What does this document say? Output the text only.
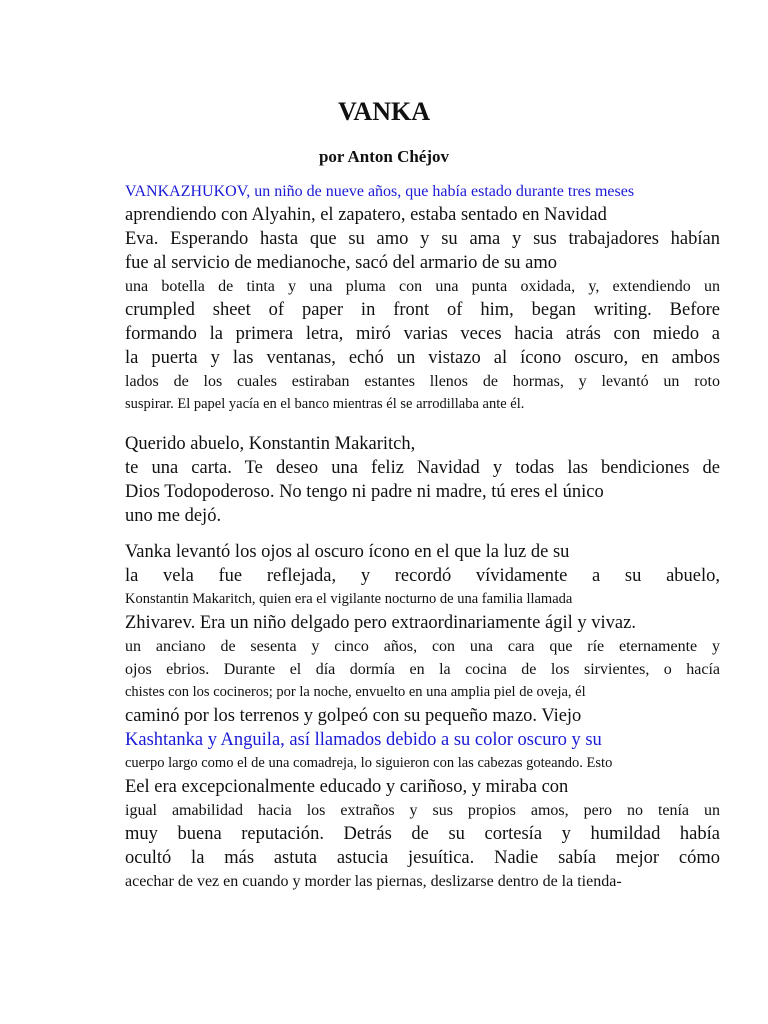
VANKA
por Anton Chéjov
VANKAZHUKOV, un niño de nueve años, que había estado durante tres meses
aprendiendo con Alyahin, el zapatero, estaba sentado en Navidad
Eva. Esperando hasta que su amo y su ama y sus trabajadores habían
fue al servicio de medianoche, sacó del armario de su amo
una botella de tinta y una pluma con una punta oxidada, y, extendiendo un
crumpled sheet of paper in front of him, began writing. Before
formando la primera letra, miró varias veces hacia atrás con miedo a
la puerta y las ventanas, echó un vistazo al ícono oscuro, en ambos
lados de los cuales estiraban estantes llenos de hormas, y levantó un roto
suspirar. El papel yacía en el banco mientras él se arrodillaba ante él.
Querido abuelo, Konstantin Makaritch,
te una carta. Te deseo una feliz Navidad y todas las bendiciones de
Dios Todopoderoso. No tengo ni padre ni madre, tú eres el único
uno me dejó.
Vanka levantó los ojos al oscuro ícono en el que la luz de su
la vela fue reflejada, y recordó vívidamente a su abuelo,
Konstantin Makaritch, quien era el vigilante nocturno de una familia llamada
Zhivarev. Era un niño delgado pero extraordinariamente ágil y vivaz.
un anciano de sesenta y cinco años, con una cara que ríe eternamente y
ojos ebrios. Durante el día dormía en la cocina de los sirvientes, o hacía
chistes con los cocineros; por la noche, envuelto en una amplia piel de oveja, él
caminó por los terrenos y golpeó con su pequeño mazo. Viejo
Kashtanka y Anguila, así llamados debido a su color oscuro y su
cuerpo largo como el de una comadreja, lo siguieron con las cabezas goteando. Esto
Eel era excepcionalmente educado y cariñoso, y miraba con
igual amabilidad hacia los extraños y sus propios amos, pero no tenía un
muy buena reputación. Detrás de su cortesía y humildad había
ocultó la más astuta astucia jesuítica. Nadie sabía mejor cómo
acechar de vez en cuando y morder las piernas, deslizarse dentro de la tienda-
